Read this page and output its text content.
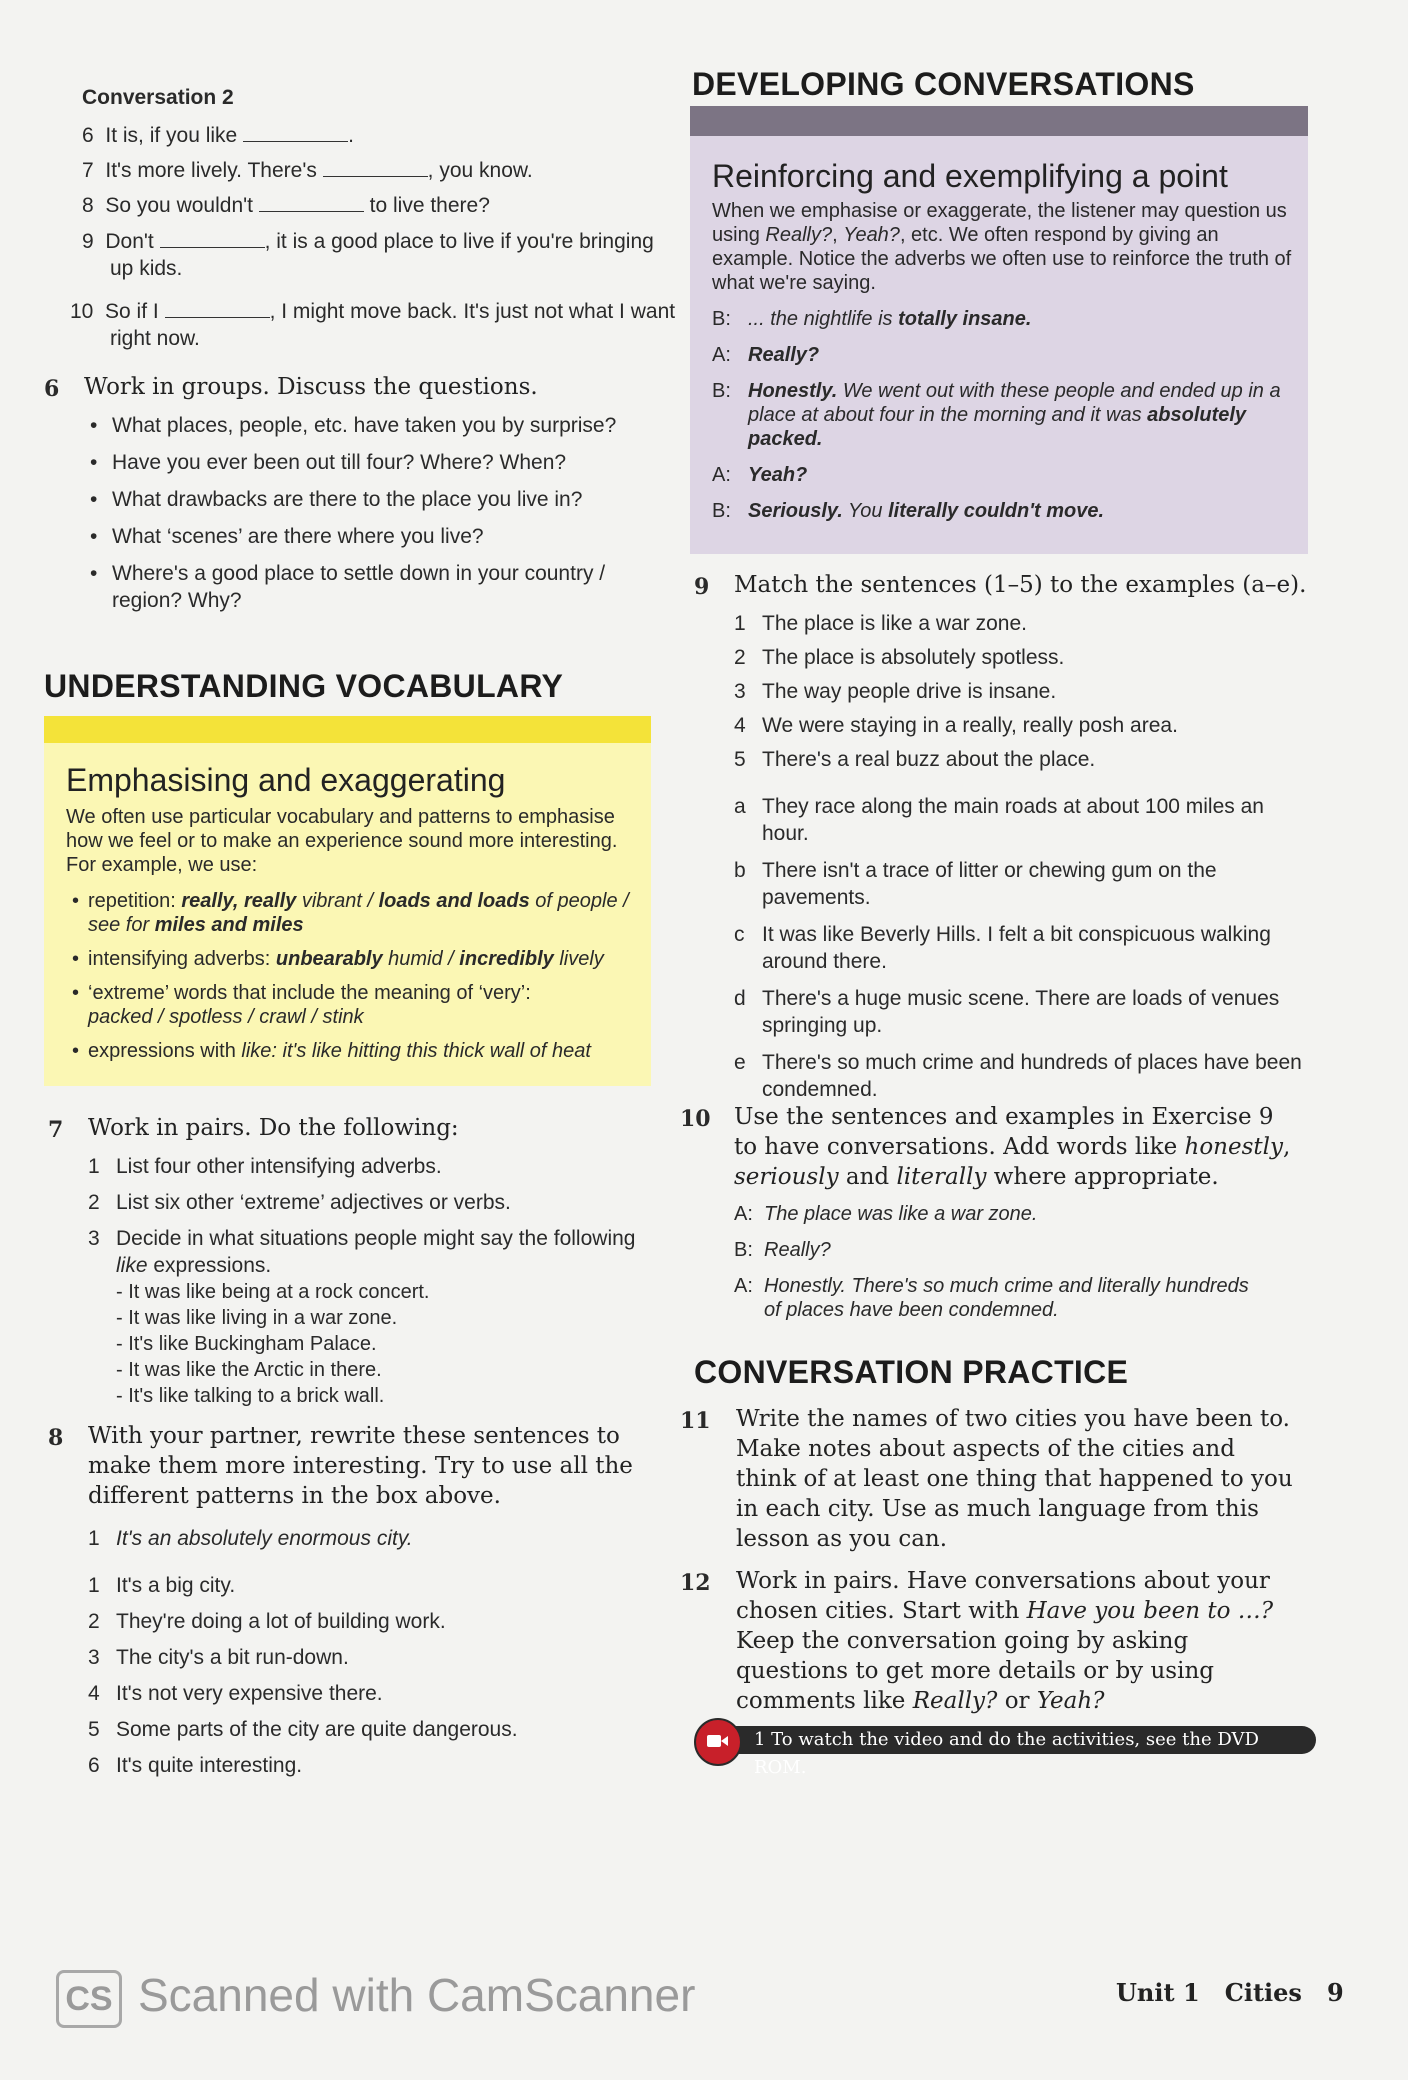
Conversation 2
6 It is, if you like	.
7 It's more lively. There's	, you know.
8 So you wouldn't	to live there?
9 Don't	, it is a good place to live if you're bringing up kids.
10 So if I	, I might move back. It's just not what I want right now.
6 Work in groups. Discuss the questions.
• What places, people, etc. have taken you by surprise?
• Have you ever been out till four? Where? When?
• What drawbacks are there to the place you live in?
• What ‘scenes’ are there where you live?
• Where's a good place to settle down in your country / region? Why?
UNDERSTANDING VOCABULARY
Emphasising and exaggerating
We often use particular vocabulary and patterns to emphasise how we feel or to make an experience sound more interesting. For example, we use:
• repetition: really, really vibrant / loads and loads of people / see for miles and miles
• intensifying adverbs: unbearably humid / incredibly lively
• ‘extreme’ words that include the meaning of ‘very’:
packed / spotless / crawl / stink
• expressions with like: it's like hitting this thick wall of heat
7 Work in pairs. Do the following:
1 List four other intensifying adverbs.
2 List six other ‘extreme’ adjectives or verbs.
3 Decide in what situations people might say the following like expressions.
- It was like being at a rock concert.
- It was like living in a war zone.
- It's like Buckingham Palace.
- It was like the Arctic in there.
- It's like talking to a brick wall.
8 With your partner, rewrite these sentences to make them more interesting. Try to use all the different patterns in the box above.
1 It's an absolutely enormous city.
1 It's a big city.
2 They're doing a lot of building work.
3 The city's a bit run-down.
4 It's not very expensive there.
5 Some parts of the city are quite dangerous.
6 It's quite interesting.
DEVELOPING CONVERSATIONS
Reinforcing and exemplifying a point
When we emphasise or exaggerate, the listener may question us using Really?, Yeah?, etc. We often respond by giving an example. Notice the adverbs we often use to reinforce the truth of what we're saying.
B: ... the nightlife is totally insane.
A: Really?
B: Honestly. We went out with these people and ended up in a place at about four in the morning and it was absolutely packed.
A: Yeah?
B: Seriously. You literally couldn't move.
9 Match the sentences (1–5) to the examples (a–e).
1 The place is like a war zone.
2 The place is absolutely spotless.
3 The way people drive is insane.
4 We were staying in a really, really posh area.
5 There's a real buzz about the place.
a They race along the main roads at about 100 miles an hour.
b There isn't a trace of litter or chewing gum on the pavements.
c It was like Beverly Hills. I felt a bit conspicuous walking around there.
d There's a huge music scene. There are loads of venues springing up.
e There's so much crime and hundreds of places have been condemned.
10 Use the sentences and examples in Exercise 9 to have conversations. Add words like honestly, seriously and literally where appropriate.
A: The place was like a war zone.
B: Really?
A: Honestly. There's so much crime and literally hundreds of places have been condemned.
CONVERSATION PRACTICE
11 Write the names of two cities you have been to. Make notes about aspects of the cities and think of at least one thing that happened to you in each city. Use as much language from this lesson as you can.
12 Work in pairs. Have conversations about your chosen cities. Start with Have you been to …? Keep the conversation going by asking questions to get more details or by using comments like Really? or Yeah?
1 To watch the video and do the activities, see the DVD ROM.
CS Scanned with CamScanner	Unit 1 Cities 9
